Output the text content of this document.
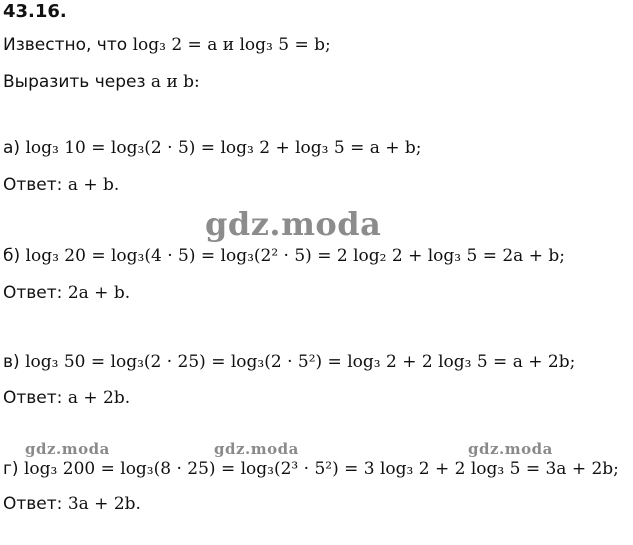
43.16.
Известно, что log₃ 2 = a и log₃ 5 = b;
Выразить через a и b:
а) log₃ 10 = log₃(2 · 5) = log₃ 2 + log₃ 5 = a + b;
Ответ: a + b.
б) log₃ 20 = log₃(4 · 5) = log₃(2² · 5) = 2 log₂ 2 + log₃ 5 = 2a + b;
Ответ: 2a + b.
в) log₃ 50 = log₃(2 · 25) = log₃(2 · 5²) = log₃ 2 + 2 log₃ 5 = a + 2b;
Ответ: a + 2b.
г) log₃ 200 = log₃(8 · 25) = log₃(2³ · 5²) = 3 log₃ 2 + 2 log₃ 5 = 3a + 2b;
Ответ: 3a + 2b.
gdz.moda
gdz.moda	gdz.moda	gdz.moda
